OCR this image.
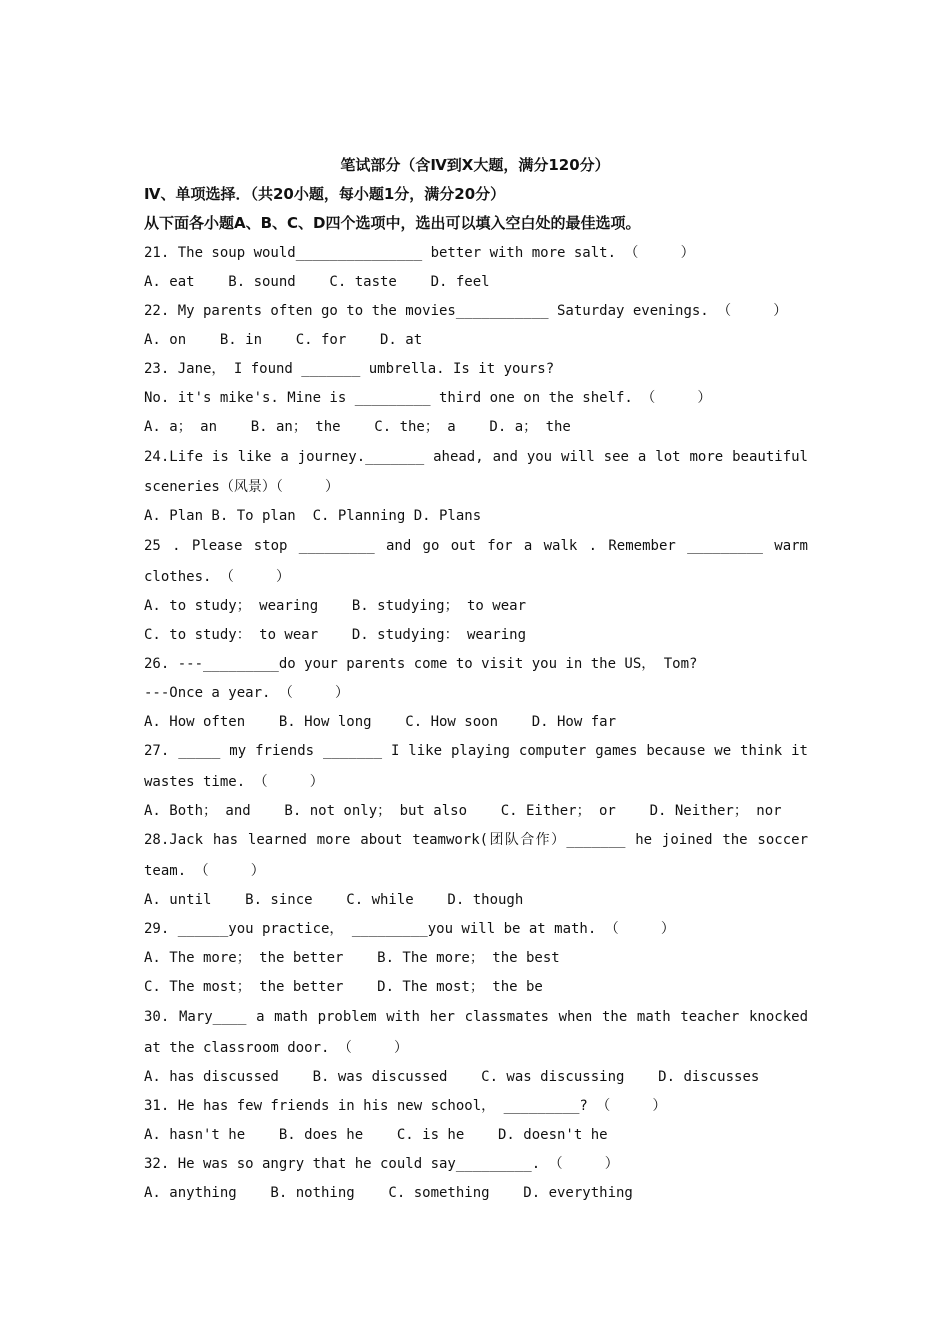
笔试部分（含Ⅳ到Ⅹ大题，满分120分）
Ⅳ、单项选择．（共20小题，每小题1分，满分20分）
从下面各小题A、B、C、D四个选项中，选出可以填入空白处的最佳选项。
21. The soup would_______________ better with more salt. （     ）
A. eat    B. sound    C. taste    D. feel
22. My parents often go to the movies___________ Saturday evenings. （     ）
A. on    B. in    C. for    D. at
23. Jane， I found _______ umbrella. Is it yours?
No. it's mike's. Mine is _________ third one on the shelf. （     ）
A. a； an    B. an； the    C. the； a    D. a； the
24.Life is like a journey._______ ahead, and you will see a lot more beautiful
sceneries（风景）（     ）
A. Plan B. To plan  C. Planning D. Plans
25 . Please stop _________ and go out for a walk . Remember _________ warm
clothes. （     ）
A. to study； wearing    B. studying； to wear
C. to study： to wear    D. studying： wearing
26. ---_________do your parents come to visit you in the US， Tom?
---Once a year. （     ）
A. How often    B. How long    C. How soon    D. How far
27. _____ my friends _______ I like playing computer games because we think it
wastes time. （     ）
A. Both； and    B. not only； but also    C. Either； or    D. Neither； nor
28.Jack has learned more about teamwork(团队合作）_______ he joined the soccer
team. （     ）
A. until    B. since    C. while    D. though
29. ______you practice， _________you will be at math. （     ）
A. The more； the better    B. The more； the best
C. The most； the better    D. The most； the be
30. Mary____ a math problem with her classmates when the math teacher knocked
at the classroom door. （     ）
A. has discussed    B. was discussed    C. was discussing    D. discusses
31. He has few friends in his new school， _________? （     ）
A. hasn't he    B. does he    C. is he    D. doesn't he
32. He was so angry that he could say_________. （     ）
A. anything    B. nothing    C. something    D. everything
